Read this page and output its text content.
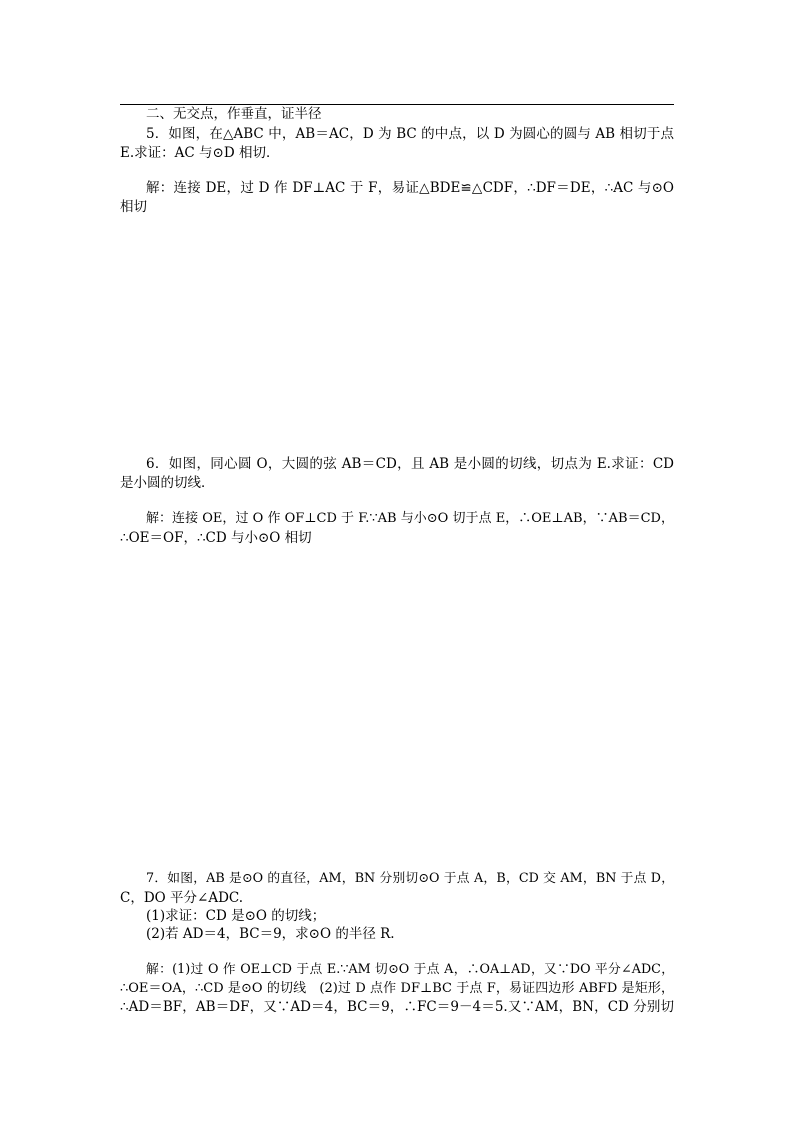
二、无交点，作垂直，证半径
5．如图，在△ABC 中，AB＝AC，D 为 BC 的中点，以 D 为圆心的圆与 AB 相切于点
E.求证：AC 与⊙D 相切．
解：连接 DE，过 D 作 DF⊥AC 于 F，易证△BDE≌△CDF，∴DF＝DE，∴AC 与⊙O
相切
6．如图，同心圆 O，大圆的弦 AB＝CD，且 AB 是小圆的切线，切点为 E.求证：CD
是小圆的切线．
解：连接 OE，过 O 作 OF⊥CD 于 F.∵AB 与小⊙O 切于点 E，∴OE⊥AB，∵AB＝CD，
∴OE＝OF，∴CD 与小⊙O 相切
7．如图，AB 是⊙O 的直径，AM，BN 分别切⊙O 于点 A，B，CD 交 AM，BN 于点 D，
C，DO 平分∠ADC.
(1)求证：CD 是⊙O 的切线；
(2)若 AD＝4，BC＝9，求⊙O 的半径 R.
解：(1)过 O 作 OE⊥CD 于点 E.∵AM 切⊙O 于点 A，∴OA⊥AD，又∵DO 平分∠ADC，
∴OE＝OA，∴CD 是⊙O 的切线　(2)过 D 点作 DF⊥BC 于点 F，易证四边形 ABFD 是矩形，
∴AD＝BF，AB＝DF，又∵AD＝4，BC＝9，∴FC＝9－4＝5.又∵AM，BN，CD 分别切
